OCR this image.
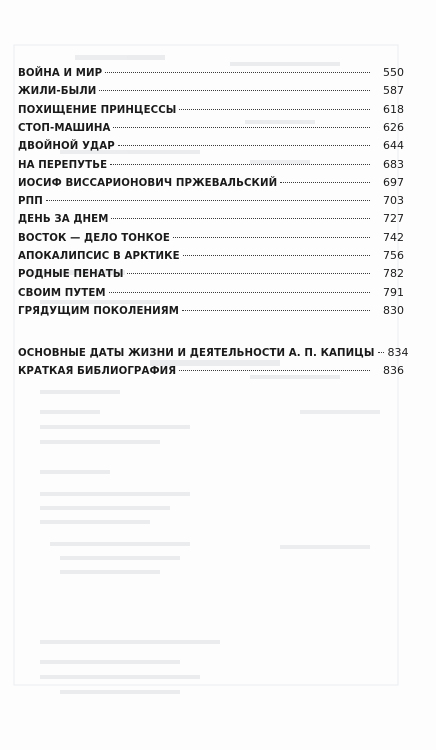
ВОЙНА И МИР	550
ЖИЛИ-БЫЛИ	587
ПОХИЩЕНИЕ ПРИНЦЕССЫ	618
СТОП-МАШИНА	626
ДВОЙНОЙ УДАР	644
НА ПЕРЕПУТЬЕ	683
ИОСИФ ВИССАРИОНОВИЧ ПРЖЕВАЛЬСКИЙ	697
РПП	703
ДЕНЬ ЗА ДНЕМ	727
ВОСТОК — ДЕЛО ТОНКОЕ	742
АПОКАЛИПСИС В АРКТИКЕ	756
РОДНЫЕ ПЕНАТЫ	782
СВОИМ ПУТЕМ	791
ГРЯДУЩИМ ПОКОЛЕНИЯМ	830
ОСНОВНЫЕ ДАТЫ ЖИЗНИ И ДЕЯТЕЛЬНОСТИ А. П. КАПИЦЫ 834
КРАТКАЯ БИБЛИОГРАФИЯ	836
